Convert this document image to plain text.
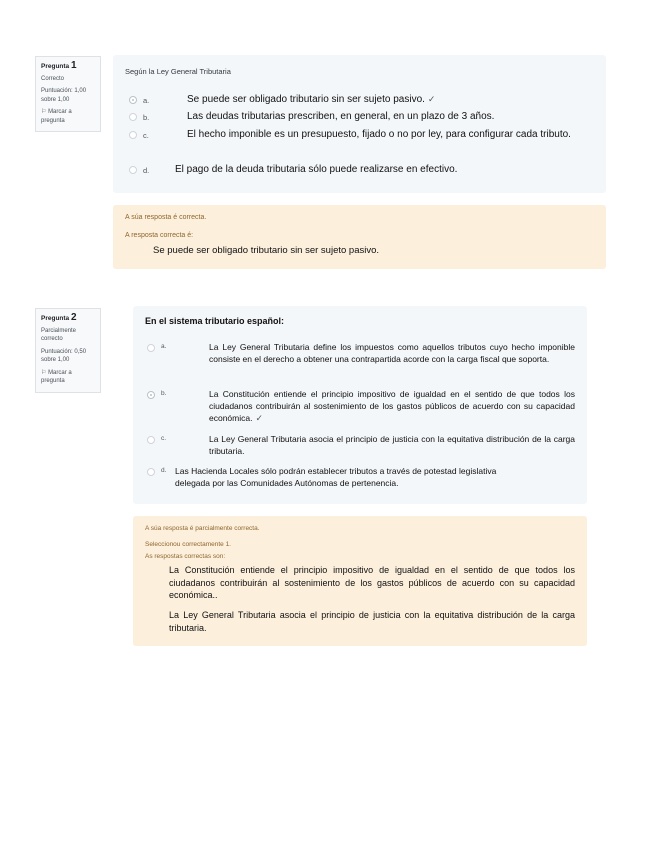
Pregunta 1
Correcto
Puntuación: 1,00 sobre 1,00
⚐ Marcar a pregunta
Según la Ley General Tributaria
a.	Se puede ser obligado tributario sin ser sujeto pasivo. ✓
b.	Las deudas tributarias prescriben, en general, en un plazo de 3 años.
c.	El hecho imponible es un presupuesto, fijado o no por ley, para configurar cada tributo.
d.	El pago de la deuda tributaria sólo puede realizarse en efectivo.
A súa resposta é correcta.
A resposta correcta é:
Se puede ser obligado tributario sin ser sujeto pasivo.
Pregunta 2
Parcialmente correcto
Puntuación: 0,50 sobre 1,00
⚐ Marcar a pregunta
En el sistema tributario español:
a.	La Ley General Tributaria define los impuestos como aquellos tributos cuyo hecho imponible consiste en el derecho a obtener una contrapartida acorde con la carga fiscal que soporta.
b.	La Constitución entiende el principio impositivo de igualdad en el sentido de que todos los ciudadanos contribuirán al sostenimiento de los gastos públicos de acuerdo con su capacidad económica. ✓
c.	La Ley General Tributaria asocia el principio de justicia con la equitativa distribución de la carga tributaria.
d. Las Hacienda Locales sólo podrán establecer tributos a través de potestad legislativa delegada por las Comunidades Autónomas de pertenencia.
A súa resposta é parcialmente correcta.
Seleccionou correctamente 1.
As respostas correctas son:
La Constitución entiende el principio impositivo de igualdad en el sentido de que todos los ciudadanos contribuirán al sostenimiento de los gastos públicos de acuerdo con su capacidad económica..
La Ley General Tributaria asocia el principio de justicia con la equitativa distribución de la carga tributaria.
